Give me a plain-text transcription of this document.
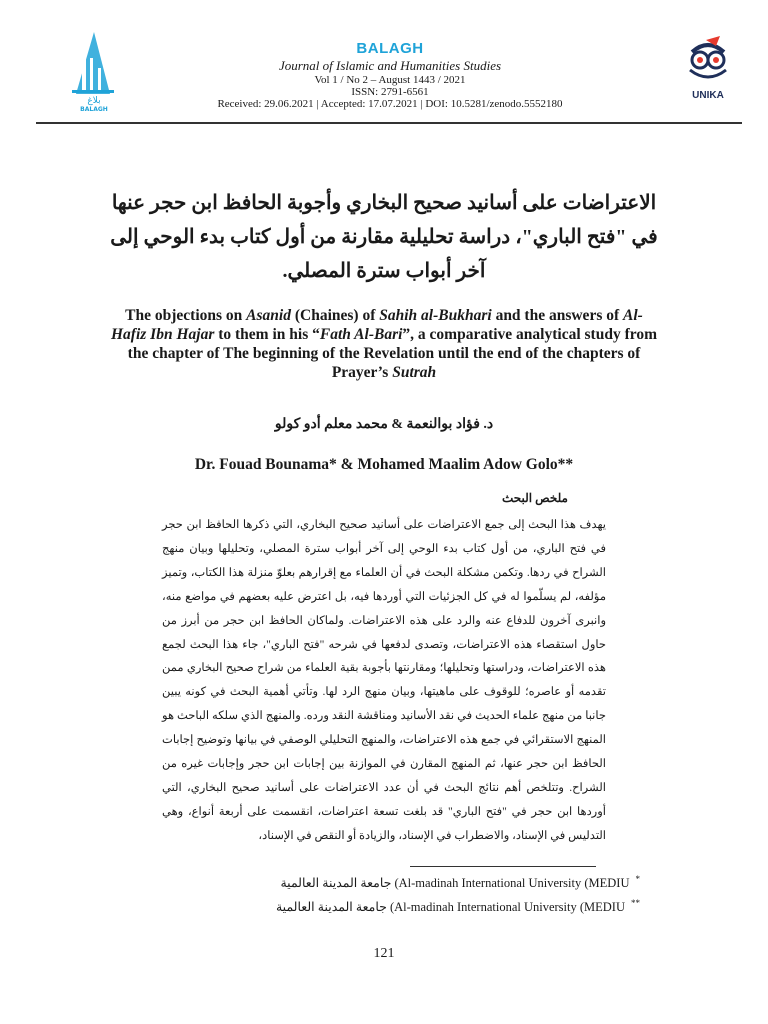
بلاغ
BALAGH
BALAGH
Journal of Islamic and Humanities Studies
Vol 1 / No 2 – August 1443 / 2021
ISSN: 2791-6561
Received: 29.06.2021 | Accepted: 17.07.2021 | DOI: 10.5281/zenodo.5552180
UNIKA
الاعتراضات على أسانيد صحيح البخاري وأجوبة الحافظ ابن حجر عنها
في "فتح الباري"، دراسة تحليلية مقارنة من أول كتاب بدء الوحي إلى
آخر أبواب سترة المصلي.
The objections on Asanid (Chaines) of Sahih al-Bukhari and the answers of Al-Hafiz Ibn Hajar to them in his “Fath Al-Bari”, a comparative analytical study from the chapter of The beginning of the Revelation until the end of the chapters of Prayer’s Sutrah
د. فؤاد بوالنعمة & محمد معلم أدو كولو
Dr. Fouad Bounama* & Mohamed Maalim Adow Golo**
ملخص البحث
يهدف هذا البحث إلى جمع الاعتراضات على أسانيد صحيح البخاري، التي ذكرها الحافظ ابن حجر في فتح الباري، من أول كتاب بدء الوحي إلى آخر أبواب سترة المصلي، وتحليلها وبيان منهج الشراح في ردها. وتكمن مشكلة البحث في أن العلماء مع إقرارهم بعلوّ منزلة هذا الكتاب، وتميز مؤلفه، لم يسلّموا له في كل الجزئيات التي أوردها فيه، بل اعترض عليه بعضهم في مواضع منه، وانبرى آخرون للدفاع عنه والرد على هذه الاعتراضات. ولماكان الحافظ ابن حجر من أبرز من حاول استقصاء هذه الاعتراضات، وتصدى لدفعها في شرحه "فتح الباري"، جاء هذا البحث لجمع هذه الاعتراضات، ودراستها وتحليلها؛ ومقارنتها بأجوبة بقية العلماء من شراح صحيح البخاري ممن تقدمه أو عاصره؛ للوقوف على ماهيتها، وبيان منهج الرد لها. وتأتي أهمية البحث في كونه يبين جانبا من منهج علماء الحديث في نقد الأسانيد ومناقشة النقد ورده. والمنهج الذي سلكه الباحث هو المنهج الاستقرائي في جمع هذه الاعتراضات، والمنهج التحليلي الوصفي في بيانها وتوضيح إجابات الحافظ ابن حجر عنها، ثم المنهج المقارن في الموازنة بين إجابات ابن حجر وإجابات غيره من الشراح. وتتلخص أهم نتائج البحث في أن عدد الاعتراضات على أسانيد صحيح البخاري، التي أوردها ابن حجر في "فتح الباري" قد بلغت تسعة اعتراضات، انقسمت على أربعة أنواع، وهي التدليس في الإسناد، والاضطراب في الإسناد، والزيادة أو النقص في الإسناد،
جامعة المدينة العالمية (Al-madinah International University (MEDIU *
جامعة المدينة العالمية (Al-madinah International University (MEDIU **
121
